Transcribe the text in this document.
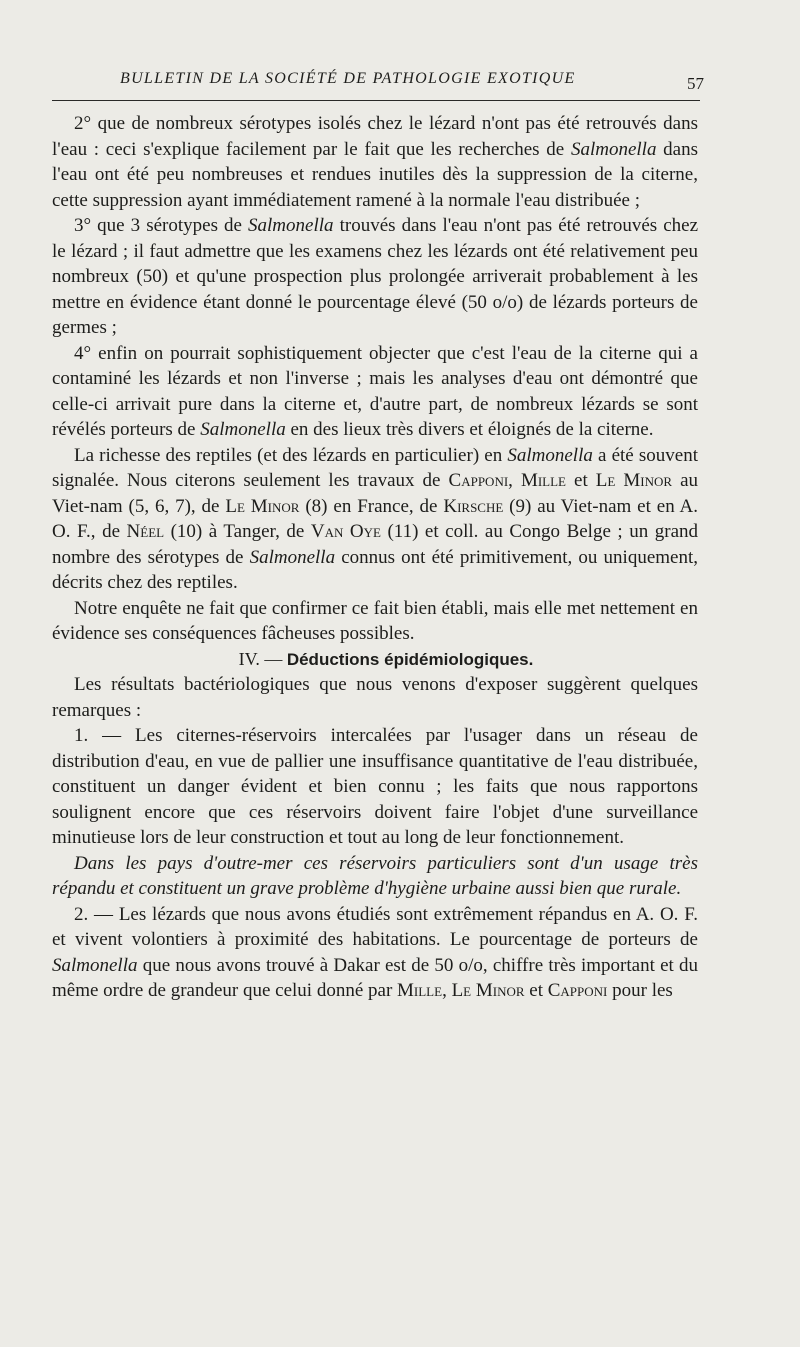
BULLETIN DE LA SOCIÉTÉ DE PATHOLOGIE EXOTIQUE	57

2° que de nombreux sérotypes isolés chez le lézard n'ont pas été retrouvés dans l'eau : ceci s'explique facilement par le fait que les recherches de Salmonella dans l'eau ont été peu nombreuses et rendues inutiles dès la suppression de la citerne, cette suppression ayant immédiatement ramené à la normale l'eau distribuée ;

3° que 3 sérotypes de Salmonella trouvés dans l'eau n'ont pas été retrouvés chez le lézard ; il faut admettre que les examens chez les lézards ont été relativement peu nombreux (50) et qu'une prospection plus prolongée arriverait probablement à les mettre en évidence étant donné le pourcentage élevé (50 o/o) de lézards porteurs de germes ;

4° enfin on pourrait sophistiquement objecter que c'est l'eau de la citerne qui a contaminé les lézards et non l'inverse ; mais les analyses d'eau ont démontré que celle-ci arrivait pure dans la citerne et, d'autre part, de nombreux lézards se sont révélés porteurs de Salmonella en des lieux très divers et éloignés de la citerne.

La richesse des reptiles (et des lézards en particulier) en Salmonella a été souvent signalée. Nous citerons seulement les travaux de Capponi, Mille et Le Minor au Viet-nam (5, 6, 7), de Le Minor (8) en France, de Kirsche (9) au Viet-nam et en A. O. F., de Néel (10) à Tanger, de Van Oye (11) et coll. au Congo Belge ; un grand nombre des sérotypes de Salmonella connus ont été primitivement, ou uniquement, décrits chez des reptiles.

Notre enquête ne fait que confirmer ce fait bien établi, mais elle met nettement en évidence ses conséquences fâcheuses possibles.

IV. — Déductions épidémiologiques.

Les résultats bactériologiques que nous venons d'exposer suggèrent quelques remarques :

1. — Les citernes-réservoirs intercalées par l'usager dans un réseau de distribution d'eau, en vue de pallier une insuffisance quantitative de l'eau distribuée, constituent un danger évident et bien connu ; les faits que nous rapportons soulignent encore que ces réservoirs doivent faire l'objet d'une surveillance minutieuse lors de leur construction et tout au long de leur fonctionnement.

Dans les pays d'outre-mer ces réservoirs particuliers sont d'un usage très répandu et constituent un grave problème d'hygiène urbaine aussi bien que rurale.

2. — Les lézards que nous avons étudiés sont extrêmement répandus en A. O. F. et vivent volontiers à proximité des habitations. Le pourcentage de porteurs de Salmonella que nous avons trouvé à Dakar est de 50 o/o, chiffre très important et du même ordre de grandeur que celui donné par Mille, Le Minor et Capponi pour les
